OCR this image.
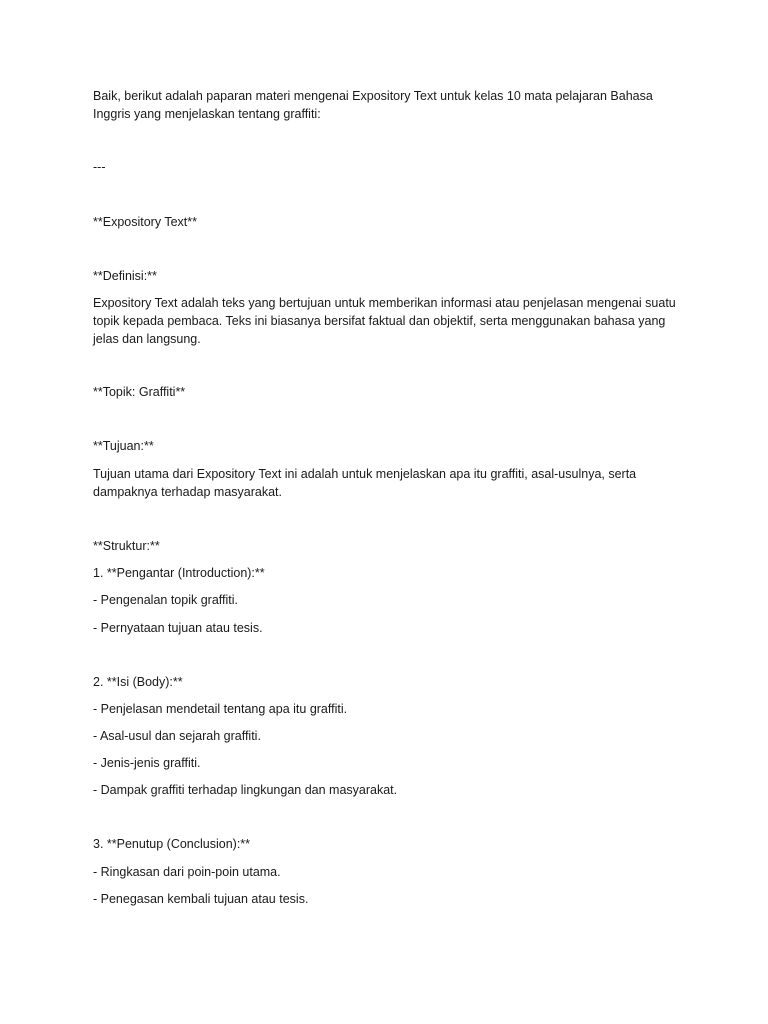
Baik, berikut adalah paparan materi mengenai Expository Text untuk kelas 10 mata pelajaran Bahasa Inggris yang menjelaskan tentang graffiti:

---

**Expository Text**

**Definisi:**

Expository Text adalah teks yang bertujuan untuk memberikan informasi atau penjelasan mengenai suatu topik kepada pembaca. Teks ini biasanya bersifat faktual dan objektif, serta menggunakan bahasa yang jelas dan langsung.

**Topik: Graffiti**

**Tujuan:**

Tujuan utama dari Expository Text ini adalah untuk menjelaskan apa itu graffiti, asal-usulnya, serta dampaknya terhadap masyarakat.

**Struktur:**

1. **Pengantar (Introduction):**

- Pengenalan topik graffiti.

- Pernyataan tujuan atau tesis.

2. **Isi (Body):**

- Penjelasan mendetail tentang apa itu graffiti.

- Asal-usul dan sejarah graffiti.

- Jenis-jenis graffiti.

- Dampak graffiti terhadap lingkungan dan masyarakat.

3. **Penutup (Conclusion):**

- Ringkasan dari poin-poin utama.

- Penegasan kembali tujuan atau tesis.
